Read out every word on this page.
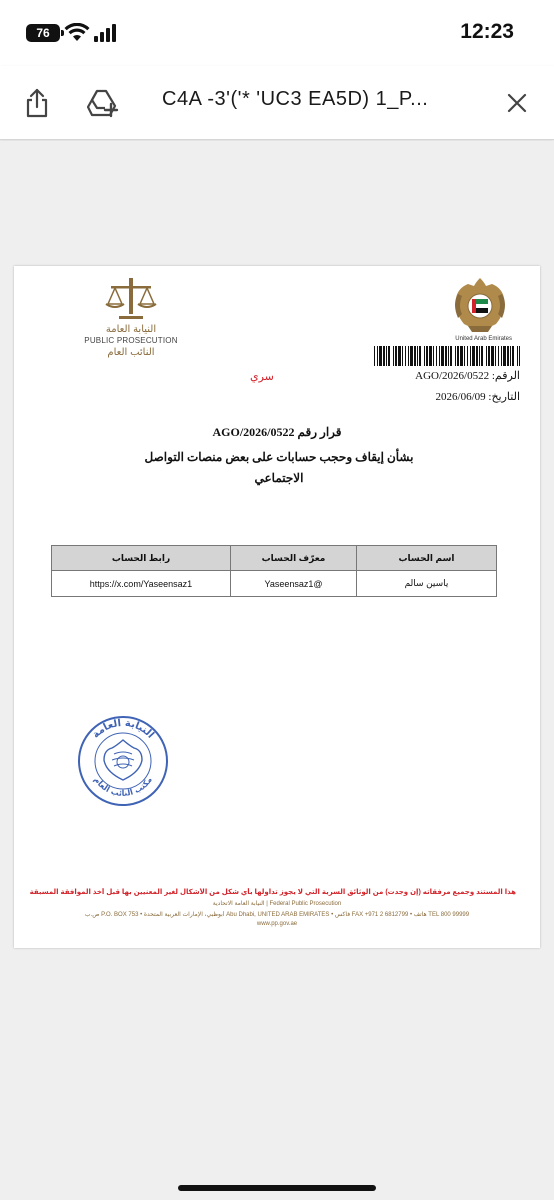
76	12:23
C4A -3'('* 'UC3 EA5D) 1_P...
النيابة العامة
PUBLIC PROSECUTION
النائب العام
United Arab Emirates
سري	الرقم: AGO/2026/0522
التاريخ: 2026/06/09
قرار رقم AGO/2026/0522
بشأن إيقاف وحجب حسابات على بعض منصات التواصل الاجتماعي
اسم الحساب	معرّف الحساب	رابط الحساب
ياسين سالم	@Yaseensaz1	https://x.com/Yaseensaz1
النيابة العامة
مكتب النائب العام
هذا المستند وجميع مرفقاته (إن وجدت) من الوثائق السرية التي لا يجوز تداولها بأي شكل من الأشكال لغير المعنيين بها قبل أخذ الموافقة المسبقة
Federal Public Prosecution | النيابة العامة الاتحادية
TEL 800 99999 هاتف • FAX +971 2 6812799 فاكس • Abu Dhabi, UNITED ARAB EMIRATES أبوظبي، الإمارات العربية المتحدة • P.O. BOX 753 ص.ب
www.pp.gov.ae
